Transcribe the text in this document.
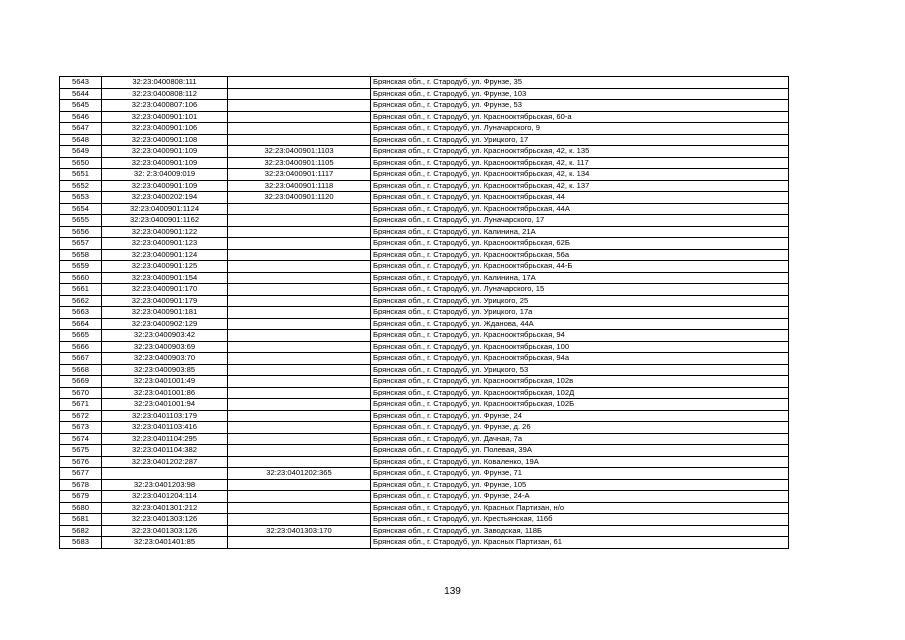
5643	32:23:0400808:111		Брянская обл., г. Стародуб, ул. Фрунзе, 35
5644	32:23:0400808:112		Брянская обл., г. Стародуб, ул. Фрунзе, 103
5645	32:23:0400807:106		Брянская обл., г. Стародуб, ул. Фрунзе, 53
5646	32:23:0400901:101		Брянская обл., г. Стародуб, ул. Краснооктябрьская, 60-а
5647	32:23:0400901:106		Брянская обл., г. Стародуб, ул. Луначарского, 9
5648	32:23:0400901:108		Брянская обл., г. Стародуб, ул. Урицкого, 17
5649	32:23:0400901:109	32:23:0400901:1103	Брянская обл., г. Стародуб, ул. Краснооктябрьская, 42, к. 135
5650	32:23:0400901:109	32:23:0400901:1105	Брянская обл., г. Стародуб, ул. Краснооктябрьская, 42, к. 117
5651	32: 2:3:04009:019	32:23:0400901:1117	Брянская обл., г. Стародуб, ул. Краснооктябрьская, 42, к. 134
5652	32:23:0400901:109	32:23:0400901:1118	Брянская обл., г. Стародуб, ул. Краснооктябрьская, 42, к. 137
5653	32:23:0400202:194	32:23:0400901:1120	Брянская обл., г. Стародуб, ул. Краснооктябрьская, 44
5654	32:23:0400901:1124		Брянская обл., г. Стародуб, ул. Краснооктябрьская, 44А
5655	32:23:0400901:1162		Брянская обл., г. Стародуб, ул. Луначарского, 17
5656	32:23:0400901:122		Брянская обл., г. Стародуб, ул. Калинина, 21А
5657	32:23:0400901:123		Брянская обл., г. Стародуб, ул. Краснооктябрьская, 62Б
5658	32:23:0400901:124		Брянская обл., г. Стародуб, ул. Краснооктябрьская, 56а
5659	32:23:0400901:125		Брянская обл., г. Стародуб, ул. Краснооктябрьская, 44-Б
5660	32:23:0400901:154		Брянская обл., г. Стародуб, ул. Калинина, 17А
5661	32:23:0400901:170		Брянская обл., г. Стародуб, ул. Луначарского, 15
5662	32:23:0400901:179		Брянская обл., г. Стародуб, ул. Урицкого, 25
5663	32:23:0400901:181		Брянская обл., г. Стародуб, ул. Урицкого, 17а
5664	32:23:0400902:129		Брянская обл., г. Стародуб, ул. Жданова, 44А
5665	32:23:0400903:42		Брянская обл., г. Стародуб, ул. Краснооктябрьская, 94
5666	32:23:0400903:69		Брянская обл., г. Стародуб, ул. Краснооктябрьская, 100
5667	32:23:0400903:70		Брянская обл., г. Стародуб, ул. Краснооктябрьская, 94а
5668	32:23:0400903:85		Брянская обл., г. Стародуб, ул. Урицкого, 53
5669	32:23:0401001:49		Брянская обл., г. Стародуб, ул. Краснооктябрьская, 102в
5670	32:23:0401001:86		Брянская обл., г. Стародуб, ул. Краснооктябрьская, 102Д
5671	32:23:0401001:94		Брянская обл., г. Стародуб, ул. Краснооктябрьская, 102Б
5672	32:23:0401103:179		Брянская обл., г. Стародуб, ул. Фрунзе, 24
5673	32:23:0401103:416		Брянская обл., г. Стародуб, ул. Фрунзе, д. 26
5674	32:23:0401104:295		Брянская обл., г. Стародуб, ул. Дачная, 7а
5675	32:23:0401104:382		Брянская обл., г. Стародуб, ул. Полевая, 39А
5676	32:23:0401202:287		Брянская обл., г. Стародуб, ул. Коваленко, 19А
5677		32:23:0401202:365	Брянская обл., г. Стародуб, ул. Фрунзе, 71
5678	32:23:0401203:98		Брянская обл., г. Стародуб, ул. Фрунзе, 105
5679	32:23:0401204:114		Брянская обл., г. Стародуб, ул. Фрунзе, 24-А
5680	32:23:0401301:212		Брянская обл., г. Стародуб, ул. Красных Партизан, н/о
5681	32:23:0401303:126		Брянская обл., г. Стародуб, ул. Крестьянская, 116б
5682	32:23:0401303:126	32:23:0401303:170	Брянская обл., г. Стародуб, ул. Заводская, 118Б
5683	32:23:0401401:85		Брянская обл., г. Стародуб, ул. Красных Партизан, 61
139
